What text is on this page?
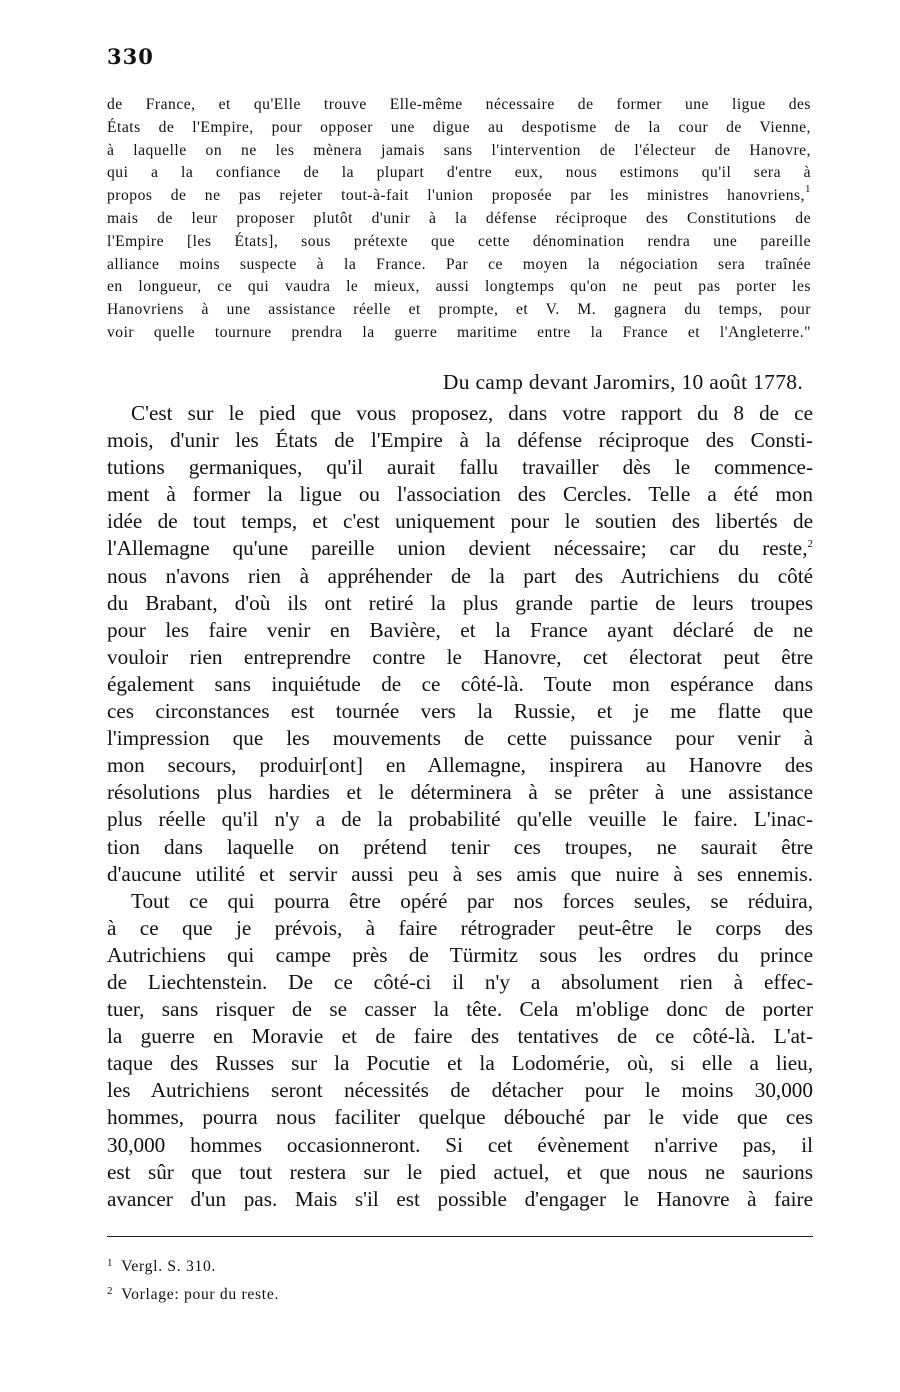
330
de France, et qu'Elle trouve Elle-même nécessaire de former une ligue des
États de l'Empire, pour opposer une digue au despotisme de la cour de Vienne,
à laquelle on ne les mènera jamais sans l'intervention de l'électeur de Hanovre,
qui a la confiance de la plupart d'entre eux, nous estimons qu'il sera à
propos de ne pas rejeter tout-à-fait l'union proposée par les ministres hanovriens,$^1$
mais de leur proposer plutôt d'unir à la défense réciproque des Constitutions de
l'Empire [les États], sous prétexte que cette dénomination rendra une pareille
alliance moins suspecte à la France. Par ce moyen la négociation sera traînée
en longueur, ce qui vaudra le mieux, aussi longtemps qu'on ne peut pas porter les
Hanovriens à une assistance réelle et prompte, et V. M. gagnera du temps, pour
voir quelle tournure prendra la guerre maritime entre la France et l'Angleterre."
Du camp devant Jaromirs, 10 août 1778.
C'est sur le pied que vous proposez, dans votre rapport du 8 de ce
mois, d'unir les États de l'Empire à la défense réciproque des Consti-
tutions germaniques, qu'il aurait fallu travailler dès le commence-
ment à former la ligue ou l'association des Cercles. Telle a été mon
idée de tout temps, et c'est uniquement pour le soutien des libertés de
l'Allemagne qu'une pareille union devient nécessaire; car du reste,$^2$
nous n'avons rien à appréhender de la part des Autrichiens du côté
du Brabant, d'où ils ont retiré la plus grande partie de leurs troupes
pour les faire venir en Bavière, et la France ayant déclaré de ne
vouloir rien entreprendre contre le Hanovre, cet électorat peut être
également sans inquiétude de ce côté-là. Toute mon espérance dans
ces circonstances est tournée vers la Russie, et je me flatte que
l'impression que les mouvements de cette puissance pour venir à
mon secours, produir[ont] en Allemagne, inspirera au Hanovre des
résolutions plus hardies et le déterminera à se prêter à une assistance
plus réelle qu'il n'y a de la probabilité qu'elle veuille le faire. L'inac-
tion dans laquelle on prétend tenir ces troupes, ne saurait être
d'aucune utilité et servir aussi peu à ses amis que nuire à ses ennemis.
Tout ce qui pourra être opéré par nos forces seules, se réduira,
à ce que je prévois, à faire rétrograder peut-être le corps des
Autrichiens qui campe près de Türmitz sous les ordres du prince
de Liechtenstein. De ce côté-ci il n'y a absolument rien à effec-
tuer, sans risquer de se casser la tête. Cela m'oblige donc de porter
la guerre en Moravie et de faire des tentatives de ce côté-là. L'at-
taque des Russes sur la Pocutie et la Lodomérie, où, si elle a lieu,
les Autrichiens seront nécessités de détacher pour le moins 30,000
hommes, pourra nous faciliter quelque débouché par le vide que ces
30,000 hommes occasionneront. Si cet évènement n'arrive pas, il
est sûr que tout restera sur le pied actuel, et que nous ne saurions
avancer d'un pas. Mais s'il est possible d'engager le Hanovre à faire
$^1$ Vergl. S. 310.
$^2$ Vorlage: pour du reste.
